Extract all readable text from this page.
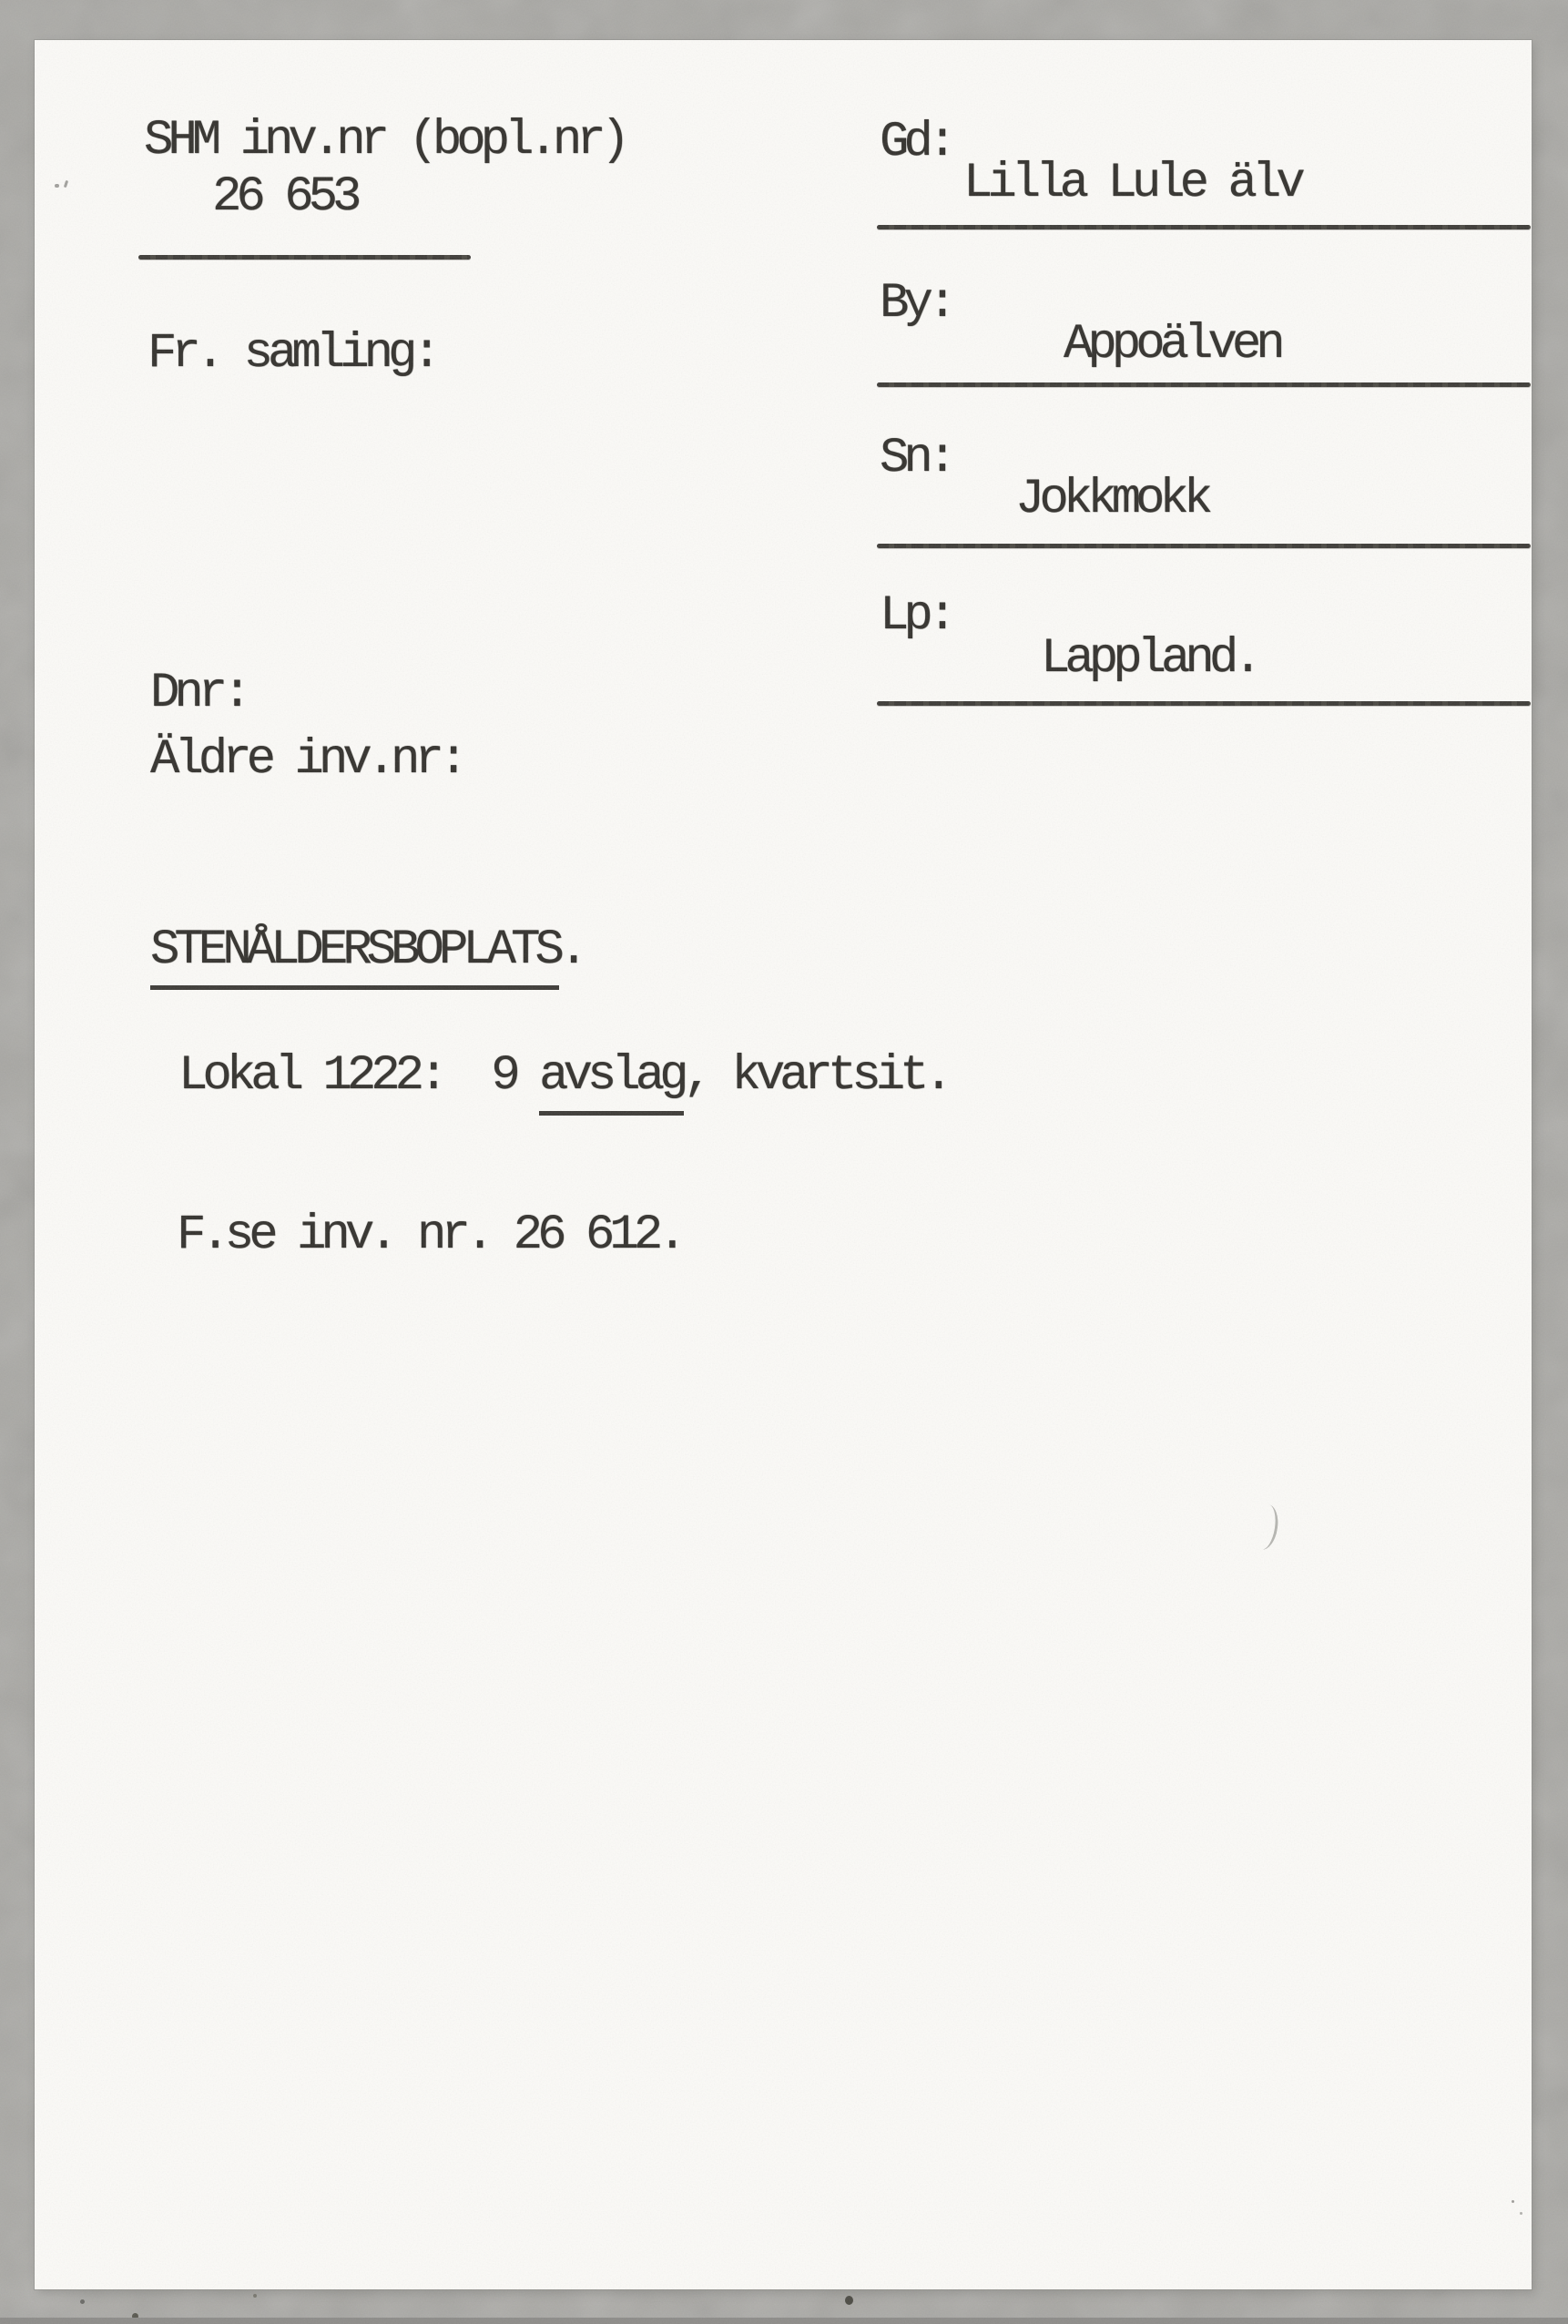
SHM inv.nr (bopl.nr)
26 653
Fr. samling:
Dnr:
Äldre inv.nr:
Gd:
Lilla Lule älv
By:
Appoälven
Sn:
Jokkmokk
Lp:
Lappland.
STENÅLDERSBOPLATS.
Lokal 1222:  9 avslag, kvartsit.
F.se inv. nr. 26 612.
